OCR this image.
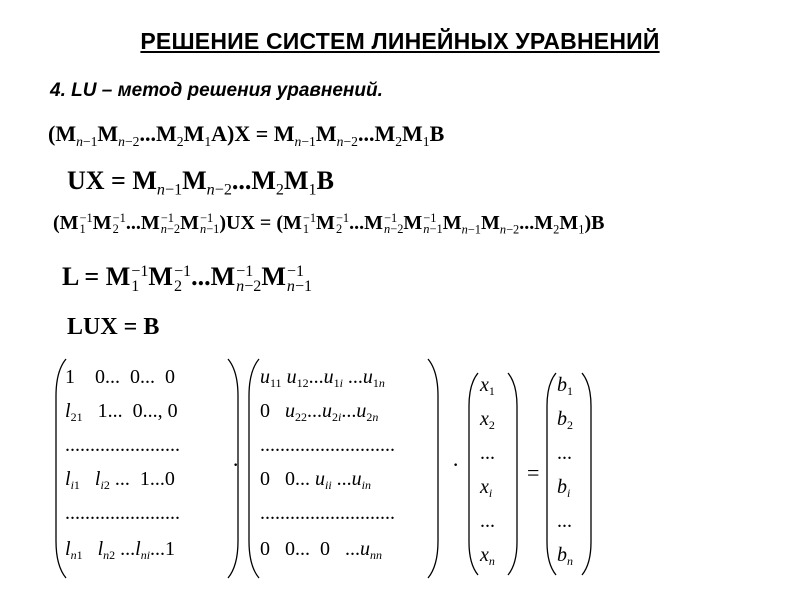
РЕШЕНИЕ СИСТЕМ ЛИНЕЙНЫХ УРАВНЕНИЙ
4. LU – метод решения уравнений.
$(M_{n-1}M_{n-2}...M_2M_1A)X = M_{n-1}M_{n-2}...M_2M_1B$
UX = $M_{n-1}M_{n-2}...M_2M_1B$
(M −1
1 M −1
2 ...M −1
n−2 M −1
n−1 )UX = (M −1
1 M −1
2 ...M −1
n−2 M −1
n−1 $M_{n-1}M_{n-2}...M_2M_1)B$
L = M −1
1 M −1
2 ...M −1
n−2 M −1
n−1
LUX = B
1    0...  0...  0
$l_{21}$   1...  0..., 0
.......................
$l_{i1}$ $l_{i2}$ ...  1...0
.......................
$l_{n1}$ $l_{n2}$ $...l_{ni}...1$
·
$u_{11}$ $u_{12}...u_{1i}$ $...u_{1n}$
0   $u_{22}...u_{2i}...u_{2n}$
...........................
0   0... $u_{ii}$ $...u_{in}$
...........................
0   0...  0   $...u_{nn}$
·
$x_1$
$x_2$
...
$x_i$
...
$x_n$
=
$b_1$
$b_2$
...
$b_i$
...
$b_n$
